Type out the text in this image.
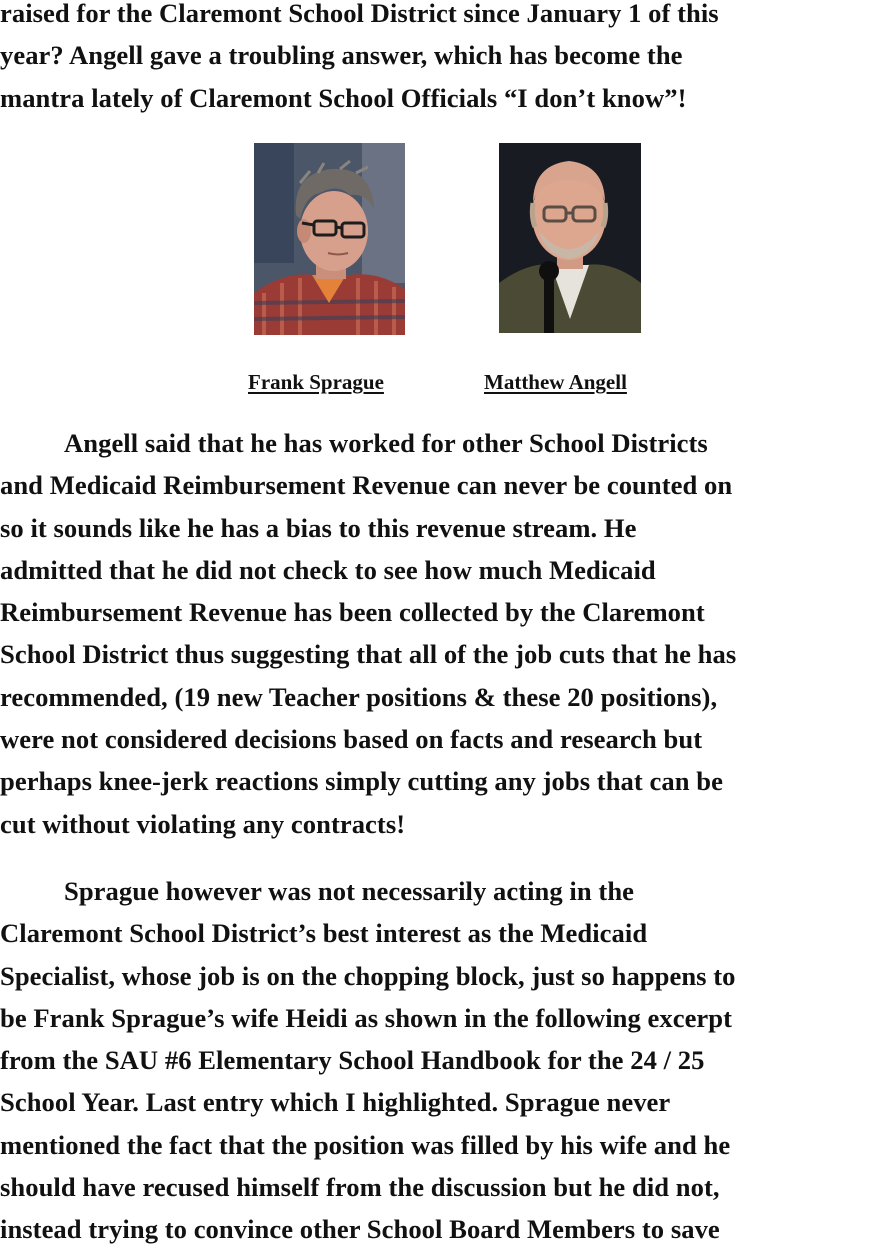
raised for the Claremont School District since January 1 of this
year? Angell gave a troubling answer, which has become the
mantra lately of Claremont School Officials “I don’t know”!
Frank Sprague	Matthew Angell
Angell said that he has worked for other School Districts
and Medicaid Reimbursement Revenue can never be counted on
so it sounds like he has a bias to this revenue stream. He
admitted that he did not check to see how much Medicaid
Reimbursement Revenue has been collected by the Claremont
School District thus suggesting that all of the job cuts that he has
recommended, (19 new Teacher positions & these 20 positions),
were not considered decisions based on facts and research but
perhaps knee-jerk reactions simply cutting any jobs that can be
cut without violating any contracts!
Sprague however was not necessarily acting in the
Claremont School District’s best interest as the Medicaid
Specialist, whose job is on the chopping block, just so happens to
be Frank Sprague’s wife Heidi as shown in the following excerpt
from the SAU #6 Elementary School Handbook for the 24 / 25
School Year. Last entry which I highlighted. Sprague never
mentioned the fact that the position was filled by his wife and he
should have recused himself from the discussion but he did not,
instead trying to convince other School Board Members to save
